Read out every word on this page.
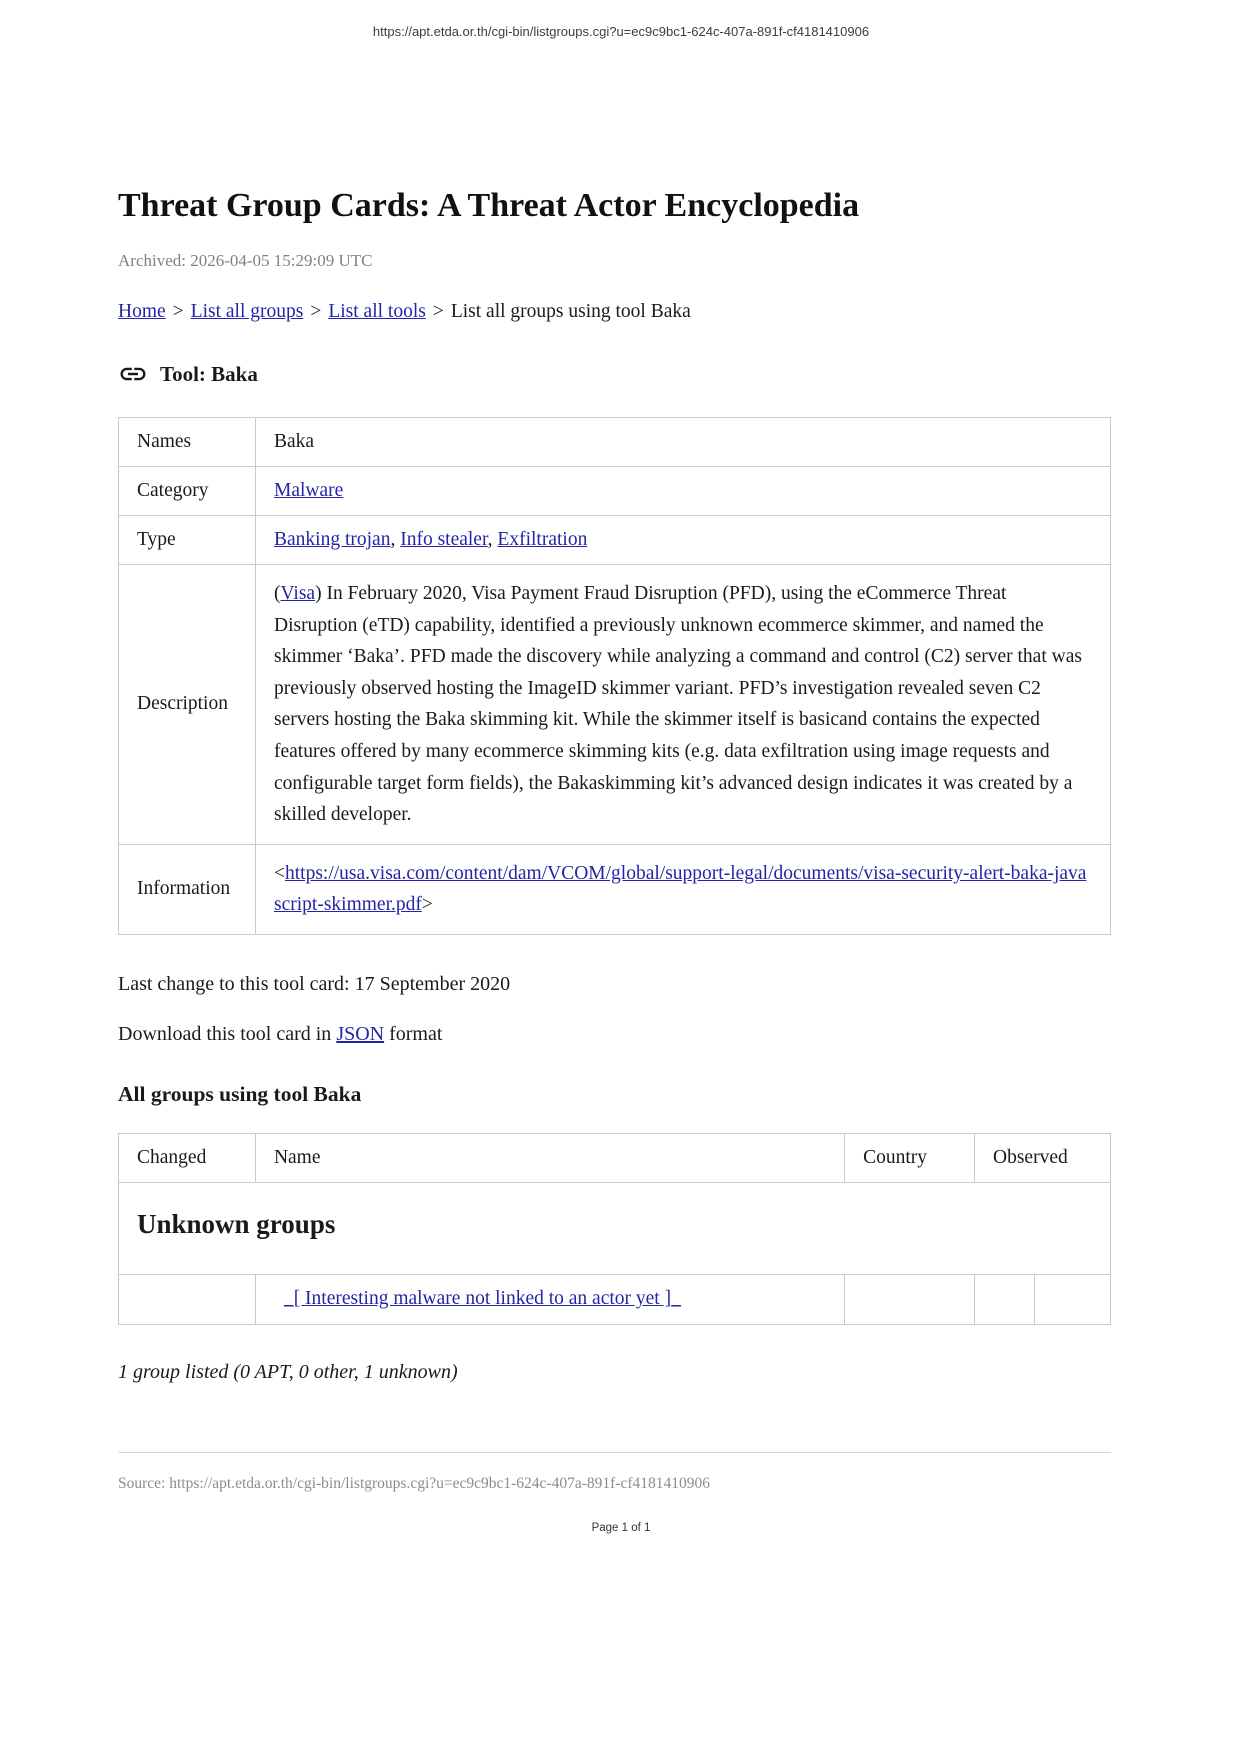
https://apt.etda.or.th/cgi-bin/listgroups.cgi?u=ec9c9bc1-624c-407a-891f-cf4181410906
Threat Group Cards: A Threat Actor Encyclopedia
Archived: 2026-04-05 15:29:09 UTC
Home > List all groups > List all tools > List all groups using tool Baka
Tool: Baka
Names	Baka
Category	Malware
Type	Banking trojan, Info stealer, Exfiltration
Description	(Visa) In February 2020, Visa Payment Fraud Disruption (PFD), using the eCommerce Threat Disruption (eTD) capability, identified a previously unknown ecommerce skimmer, and named the skimmer ‘Baka’. PFD made the discovery while analyzing a command and control (C2) server that was previously observed hosting the ImageID skimmer variant. PFD’s investigation revealed seven C2 servers hosting the Baka skimming kit. While the skimmer itself is basicand contains the expected features offered by many ecommerce skimming kits (e.g. data exfiltration using image requests and configurable target form fields), the Bakaskimming kit’s advanced design indicates it was created by a skilled developer.
Information	<https://usa.visa.com/content/dam/VCOM/global/support-legal/documents/visa-security-alert-baka-javascript-skimmer.pdf>
Last change to this tool card: 17 September 2020
Download this tool card in JSON format
All groups using tool Baka
Changed	Name	Country	Observed	
Unknown groups				
	_[ Interesting malware not linked to an actor yet ]_			
1 group listed (0 APT, 0 other, 1 unknown)
Source: https://apt.etda.or.th/cgi-bin/listgroups.cgi?u=ec9c9bc1-624c-407a-891f-cf4181410906
Page 1 of 1
